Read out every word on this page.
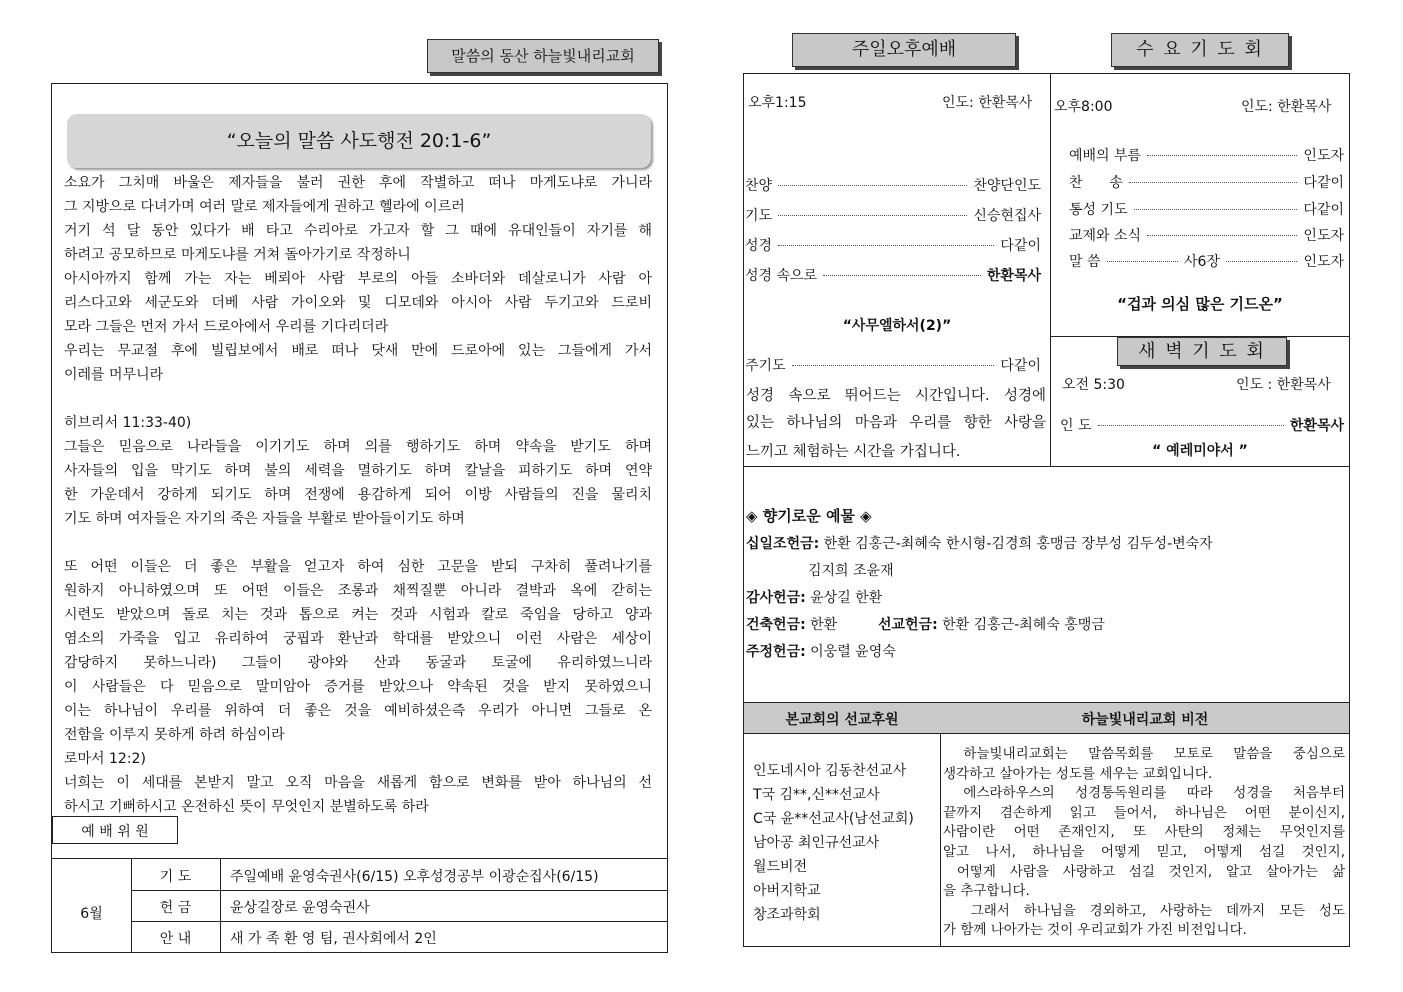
말씀의 동산 하늘빛내리교회
“오늘의 말씀 사도행전 20:1-6”
소요가 그치매 바울은 제자들을 불러 권한 후에 작별하고 떠나 마게도냐로 가니라
그 지방으로 다녀가며 여러 말로 제자들에게 권하고 헬라에 이르러
거기 석 달 동안 있다가 배 타고 수리아로 가고자 할 그 때에 유대인들이 자기를 해
하려고 공모하므로 마게도냐를 거쳐 돌아가기로 작정하니
아시아까지 함께 가는 자는 베뢰아 사람 부로의 아들 소바더와 데살로니가 사람 아
리스다고와 세군도와 더베 사람 가이오와 및 디모데와 아시아 사람 두기고와 드로비
모라 그들은 먼저 가서 드로아에서 우리를 기다리더라
우리는 무교절 후에 빌립보에서 배로 떠나 닷새 만에 드로아에 있는 그들에게 가서
이레를 머무니라
히브리서 11:33-40)
그들은 믿음으로 나라들을 이기기도 하며 의를 행하기도 하며 약속을 받기도 하며
사자들의 입을 막기도 하며 불의 세력을 멸하기도 하며 칼날을 피하기도 하며 연약
한 가운데서 강하게 되기도 하며 전쟁에 용감하게 되어 이방 사람들의 진을 물리치
기도 하며 여자들은 자기의 죽은 자들을 부활로 받아들이기도 하며
또 어떤 이들은 더 좋은 부활을 얻고자 하여 심한 고문을 받되 구차히 풀려나기를
원하지 아니하였으며 또 어떤 이들은 조롱과 채찍질뿐 아니라 결박과 옥에 갇히는
시련도 받았으며 돌로 치는 것과 톱으로 켜는 것과 시험과 칼로 죽임을 당하고 양과
염소의 가죽을 입고 유리하여 궁핍과 환난과 학대를 받았으니 이런 사람은 세상이
감당하지 못하느니라) 그들이 광야와 산과 동굴과 토굴에 유리하였느니라
이 사람들은 다 믿음으로 말미암아 증거를 받았으나 약속된 것을 받지 못하였으니
이는 하나님이 우리를 위하여 더 좋은 것을 예비하셨은즉 우리가 아니면 그들로 온
전함을 이루지 못하게 하려 하심이라
로마서 12:2)
너희는 이 세대를 본받지 말고 오직 마음을 새롭게 함으로 변화를 받아 하나님의 선
하시고 기뻐하시고 온전하신 뜻이 무엇인지 분별하도록 하라
예 배 위 원
6월
기 도	주일예배 윤영숙권사(6/15) 오후성경공부 이광순집사(6/15)
헌 금	윤상길장로 윤영숙권사
안 내	새 가 족 환 영 팀, 권사회에서 2인
주일오후예배	수 요 기 도 회
오후1:15	인도: 한환목사
찬양	찬양단인도
기도	신승현집사
성경	다같이
성경 속으로	한환목사
“사무엘하서(2)”
주기도	다같이
성경 속으로 뛰어드는 시간입니다. 성경에
있는 하나님의 마음과 우리를 향한 사랑을
느끼고 체험하는 시간을 가집니다.
오후8:00	인도: 한환목사
예배의 부름	인도자
찬      송	다같이
통성 기도	다같이
교제와 소식	인도자
말 씀	사6장	인도자
“겁과 의심 많은 기드온”
새 벽 기 도 회
오전 5:30	인도 : 한환목사
인 도	한환목사
“ 예레미야서 ”
◈ 향기로운 예물 ◈
십일조헌금: 한환 김홍근-최혜숙 한시형-김경희 홍맹금 장부성 김두성-변숙자
김지희 조윤재
감사헌금: 윤상길 한환
건축헌금: 한환
주정헌금: 이웅렬 윤영숙
선교헌금: 한환 김홍근-최혜숙 홍맹금
본교회의 선교후원	하늘빛내리교회 비전
인도네시아 김동찬선교사
T국 김**,신**선교사
C국 윤**선교사(남선교회)
남아공 최인규선교사
월드비전
아버지학교
창조과학회
하늘빛내리교회는 말씀목회를 모토로 말씀을 중심으로
생각하고 살아가는 성도를 세우는 교회입니다.
에스라하우스의 성경통독원리를 따라 성경을 처음부터
끝까지 겸손하게 읽고 들어서, 하나님은 어떤 분이신지,
사람이란 어떤 존재인지, 또 사탄의 정체는 무엇인지를
알고 나서, 하나님을 어떻게 믿고, 어떻게 섬길 것인지,
어떻게 사람을 사랑하고 섬길 것인지, 알고 살아가는 삶
을 추구합니다.
그래서 하나님을 경외하고, 사랑하는 데까지 모든 성도
가 함께 나아가는 것이 우리교회가 가진 비전입니다.
